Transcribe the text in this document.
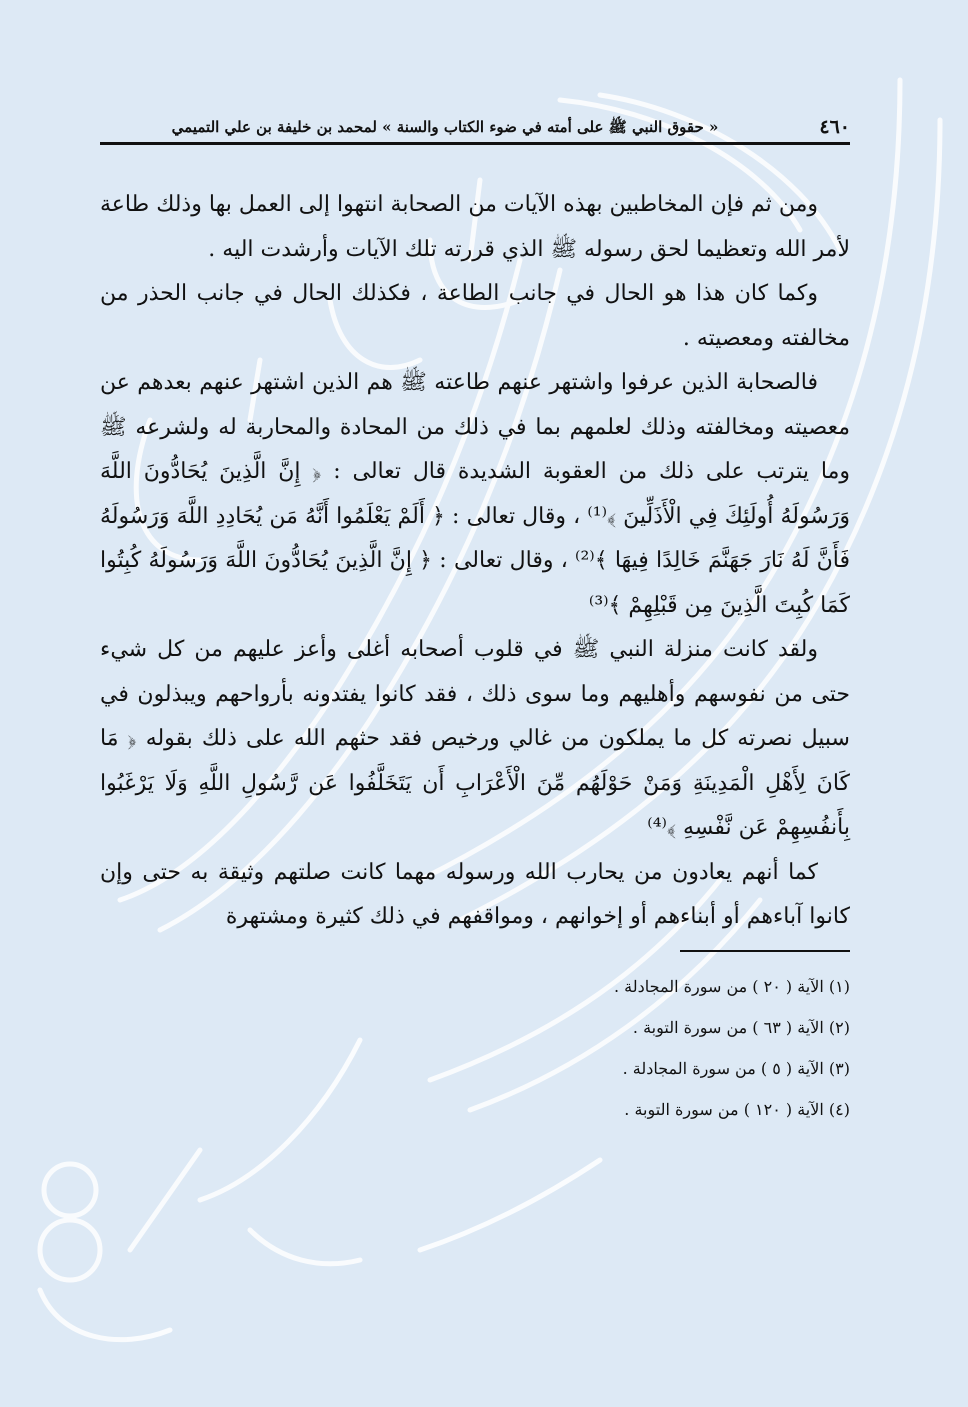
٤٦٠
« حقوق النبي ﷺ على أمته في ضوء الكتاب والسنة » لمحمد بن خليفة بن علي التميمي

ومن ثم فإن المخاطبين بهذه الآيات من الصحابة انتهوا إلى العمل بها وذلك طاعة لأمر الله وتعظيما لحق رسوله ﷺ الذي قررته تلك الآيات وأرشدت اليه .

وكما كان هذا هو الحال في جانب الطاعة ، فكذلك الحال في جانب الحذر من مخالفته ومعصيته .

فالصحابة الذين عرفوا واشتهر عنهم طاعته ﷺ هم الذين اشتهر عنهم بعدهم عن معصيته ومخالفته وذلك لعلمهم بما في ذلك من المحادة والمحاربة له ولشرعه ﷺ وما يترتب على ذلك من العقوبة الشديدة قال تعالى : ﴿ إِنَّ الَّذِينَ يُحَادُّونَ اللَّهَ وَرَسُولَهُ أُولَئِكَ فِي الْأَذَلِّينَ ﴾⁽¹⁾ ، وقال تعالى : ﴿ أَلَمْ يَعْلَمُوا أَنَّهُ مَن يُحَادِدِ اللَّهَ وَرَسُولَهُ فَأَنَّ لَهُ نَارَ جَهَنَّمَ خَالِدًا فِيهَا ﴾⁽²⁾ ، وقال تعالى : ﴿ إِنَّ الَّذِينَ يُحَادُّونَ اللَّهَ وَرَسُولَهُ كُبِتُوا كَمَا كُبِتَ الَّذِينَ مِن قَبْلِهِمْ ﴾⁽³⁾

ولقد كانت منزلة النبي ﷺ في قلوب أصحابه أغلى وأعز عليهم من كل شيء حتى من نفوسهم وأهليهم وما سوى ذلك ، فقد كانوا يفتدونه بأرواحهم ويبذلون في سبيل نصرته كل ما يملكون من غالي ورخيص فقد حثهم الله على ذلك بقوله ﴿ مَا كَانَ لِأَهْلِ الْمَدِينَةِ وَمَنْ حَوْلَهُم مِّنَ الْأَعْرَابِ أَن يَتَخَلَّفُوا عَن رَّسُولِ اللَّهِ وَلَا يَرْغَبُوا بِأَنفُسِهِمْ عَن نَّفْسِهِ ﴾⁽⁴⁾

كما أنهم يعادون من يحارب الله ورسوله مهما كانت صلتهم وثيقة به حتى وإن كانوا آباءهم أو أبناءهم أو إخوانهم ، ومواقفهم في ذلك كثيرة ومشتهرة

(١) الآية ( ٢٠ ) من سورة المجادلة .
(٢) الآية ( ٦٣ ) من سورة التوبة .
(٣) الآية ( ٥ ) من سورة المجادلة .
(٤) الآية ( ١٢٠ ) من سورة التوبة .
